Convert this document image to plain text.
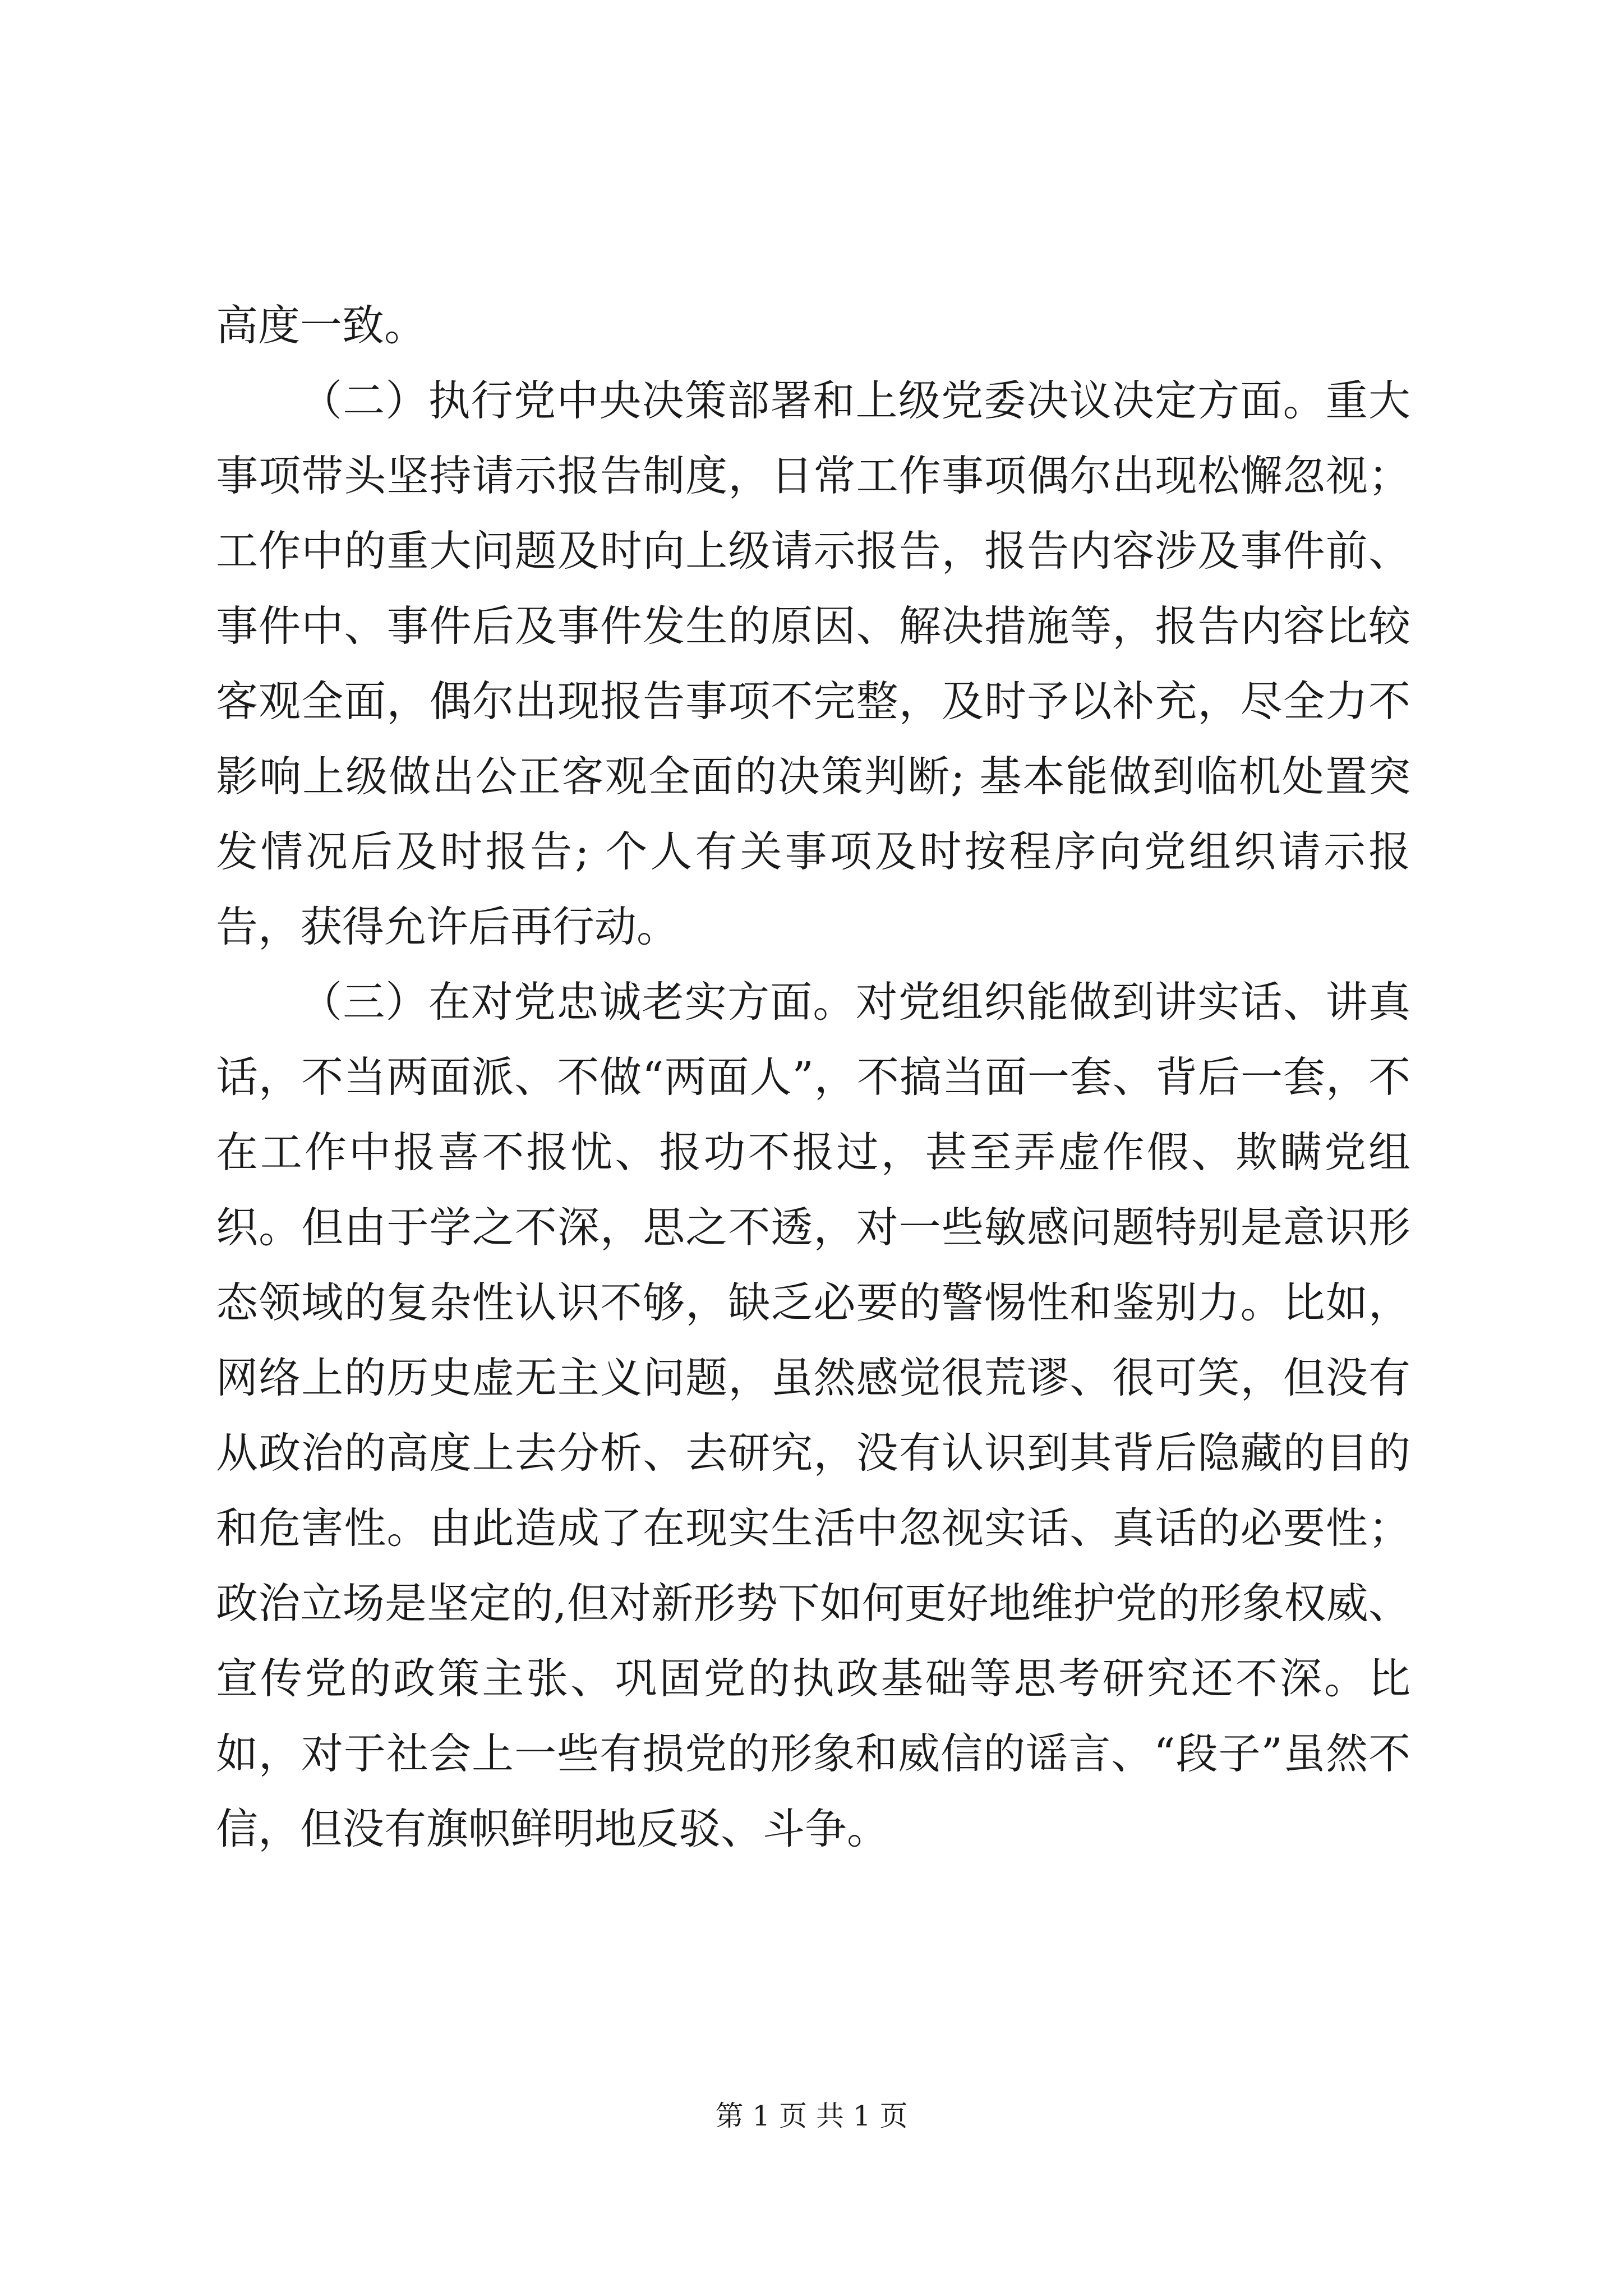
高度一致。

（二）执行党中央决策部署和上级党委决议决定方面。重大事项带头坚持请示报告制度，日常工作事项偶尔出现松懈忽视；工作中的重大问题及时向上级请示报告，报告内容涉及事件前、事件中、事件后及事件发生的原因、解决措施等，报告内容比较客观全面，偶尔出现报告事项不完整，及时予以补充，尽全力不影响上级做出公正客观全面的决策判断; 基本能做到临机处置突发情况后及时报告; 个人有关事项及时按程序向党组织请示报告，获得允许后再行动。

（三）在对党忠诚老实方面。对党组织能做到讲实话、讲真话，不当两面派、不做“两面人”，不搞当面一套、背后一套，不在工作中报喜不报忧、报功不报过，甚至弄虚作假、欺瞒党组织。但由于学之不深，思之不透，对一些敏感问题特别是意识形态领域的复杂性认识不够，缺乏必要的警惕性和鉴别力。比如，网络上的历史虚无主义问题，虽然感觉很荒谬、很可笑，但没有从政治的高度上去分析、去研究，没有认识到其背后隐藏的目的和危害性。由此造成了在现实生活中忽视实话、真话的必要性；政治立场是坚定的,但对新形势下如何更好地维护党的形象权威、宣传党的政策主张、巩固党的执政基础等思考研究还不深。比如，对于社会上一些有损党的形象和威信的谣言、“段子”虽然不信，但没有旗帜鲜明地反驳、斗争。

第 1 页 共 1 页
